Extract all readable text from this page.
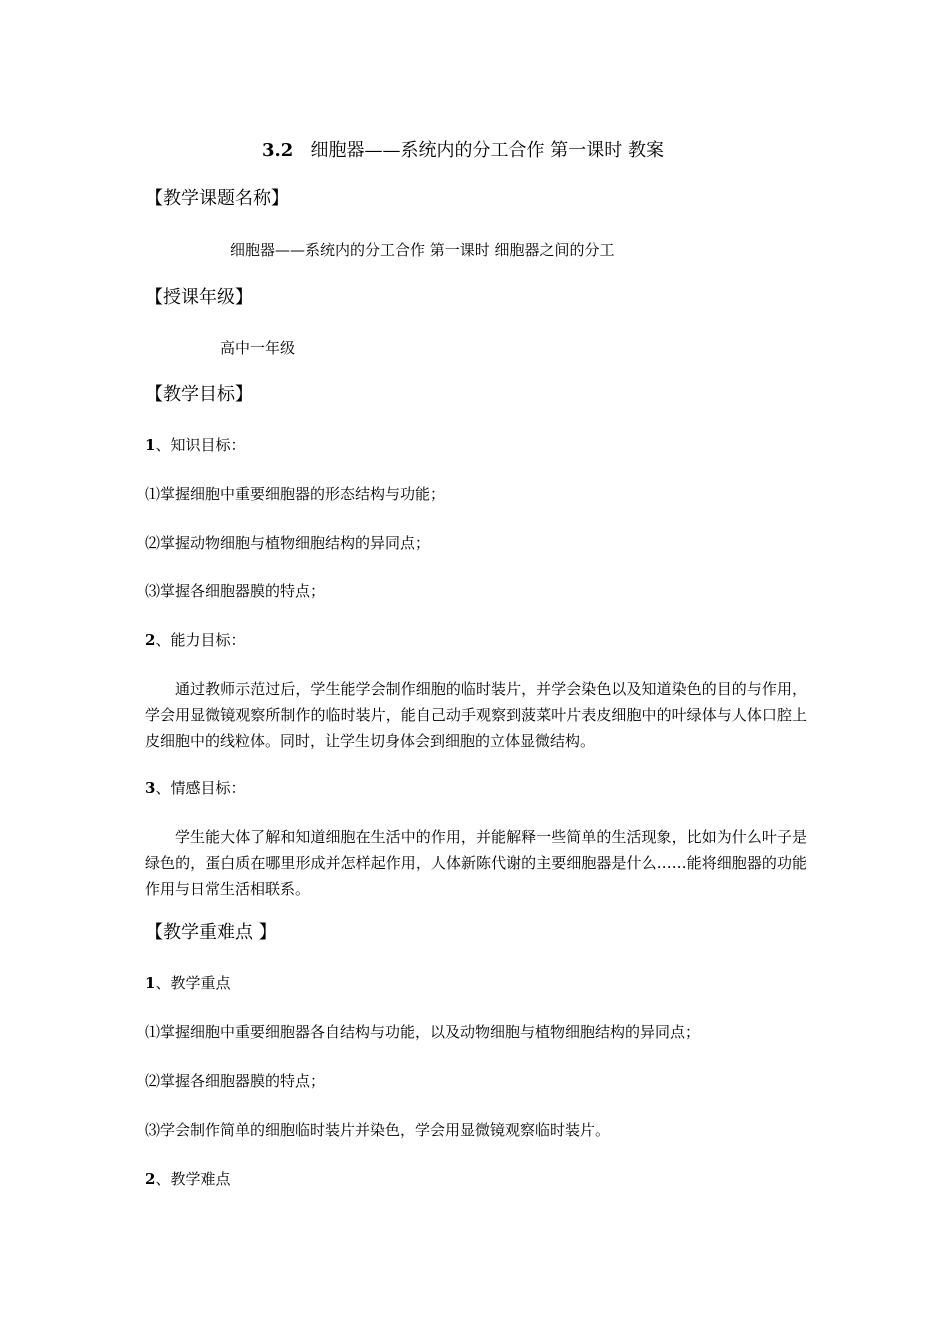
3.2 细胞器——系统内的分工合作 第一课时 教案
【教学课题名称】
细胞器——系统内的分工合作 第一课时 细胞器之间的分工
【授课年级】
高中一年级
【教学目标】
1、知识目标：
⑴掌握细胞中重要细胞器的形态结构与功能；
⑵掌握动物细胞与植物细胞结构的异同点；
⑶掌握各细胞器膜的特点；
2、能力目标：
通过教师示范过后，学生能学会制作细胞的临时装片，并学会染色以及知道染色的目的与作用，学会用显微镜观察所制作的临时装片，能自己动手观察到菠菜叶片表皮细胞中的叶绿体与人体口腔上皮细胞中的线粒体。同时，让学生切身体会到细胞的立体显微结构。
3、情感目标：
学生能大体了解和知道细胞在生活中的作用，并能解释一些简单的生活现象，比如为什么叶子是绿色的，蛋白质在哪里形成并怎样起作用，人体新陈代谢的主要细胞器是什么……能将细胞器的功能作用与日常生活相联系。
【教学重难点 】
1、教学重点
⑴掌握细胞中重要细胞器各自结构与功能，以及动物细胞与植物细胞结构的异同点；
⑵掌握各细胞器膜的特点；
⑶学会制作简单的细胞临时装片并染色，学会用显微镜观察临时装片。
2、教学难点
